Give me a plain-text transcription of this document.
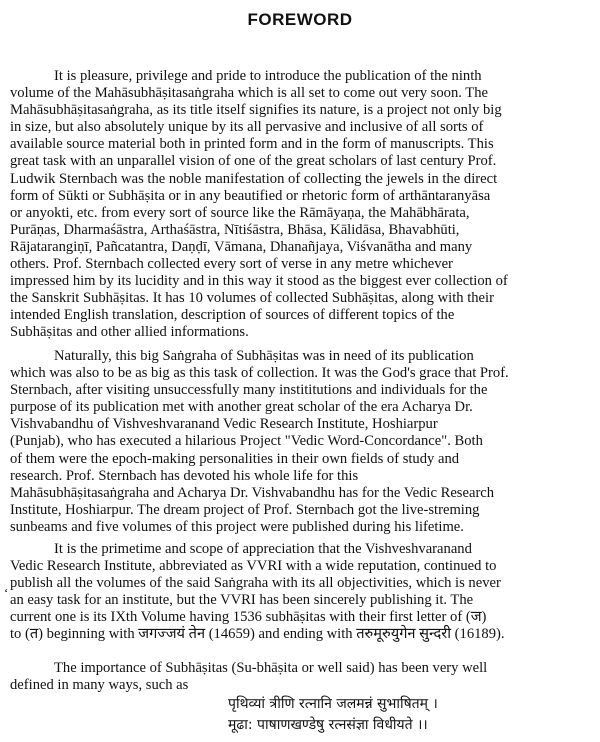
FOREWORD

It is pleasure, privilege and pride to introduce the publication of the ninth
volume of the Mahāsubhāṣitasaṅgraha which is all set to come out very soon. The
Mahāsubhāṣitasaṅgraha, as its title itself signifies its nature, is a project not only big
in size, but also absolutely unique by its all pervasive and inclusive of all sorts of
available source material both in printed form and in the form of manuscripts. This
great task with an unparallel vision of one of the great scholars of last century Prof.
Ludwik Sternbach was the noble manifestation of collecting the jewels in the direct
form of Sūkti or Subhāṣita or in any beautified or rhetoric form of arthāntaranyāsa
or anyokti, etc. from every sort of source like the Rāmāyaṇa, the Mahābhārata,
Purāṇas, Dharmaśāstra, Arthaśāstra, Nītiśāstra, Bhāsa, Kālidāsa, Bhavabhūti,
Rājatarangiṇī, Pañcatantra, Daṇḍī, Vāmana, Dhanañjaya, Viśvanātha and many
others. Prof. Sternbach collected every sort of verse in any metre whichever
impressed him by its lucidity and in this way it stood as the biggest ever collection of
the Sanskrit Subhāṣitas. It has 10 volumes of collected Subhāṣitas, along with their
intended English translation, description of sources of different topics of the
Subhāṣitas and other allied informations.

Naturally, this big Saṅgraha of Subhāṣitas was in need of its publication
which was also to be as big as this task of collection. It was the God's grace that Prof.
Sternbach, after visiting unsuccessfully many instititutions and individuals for the
purpose of its publication met with another great scholar of the era Acharya Dr.
Vishvabandhu of Vishveshvaranand Vedic Research Institute, Hoshiarpur
(Punjab), who has executed a hilarious Project "Vedic Word-Concordance". Both
of them were the epoch-making personalities in their own fields of study and
research. Prof. Sternbach has devoted his whole life for this
Mahāsubhāṣitasaṅgraha and Acharya Dr. Vishvabandhu has for the Vedic Research
Institute, Hoshiarpur. The dream project of Prof. Sternbach got the live-streming
sunbeams and five volumes of this project were published during his lifetime.

It is the primetime and scope of appreciation that the Vishveshvaranand
Vedic Research Institute, abbreviated as VVRI with a wide reputation, continued to
publish all the volumes of the said Saṅgraha with its all objectivities, which is never
an easy task for an institute, but the VVRI has been sincerely publishing it. The
current one is its IXth Volume having 1536 subhāṣitas with their first letter of (ज)
to (त) beginning with जगज्जयं तेन (14659) and ending with तरुमूरुयुगेन सुन्दरी (16189).

The importance of Subhāṣitas (Su-bhāṣita or well said) has been very well
defined in many ways, such as

पृथिव्यां त्रीणि रत्नानि जलमन्नं सुभाषितम् ।
मूढा: पाषाणखण्डेषु रत्नसंज्ञा विधीयते ।।
ʻ
